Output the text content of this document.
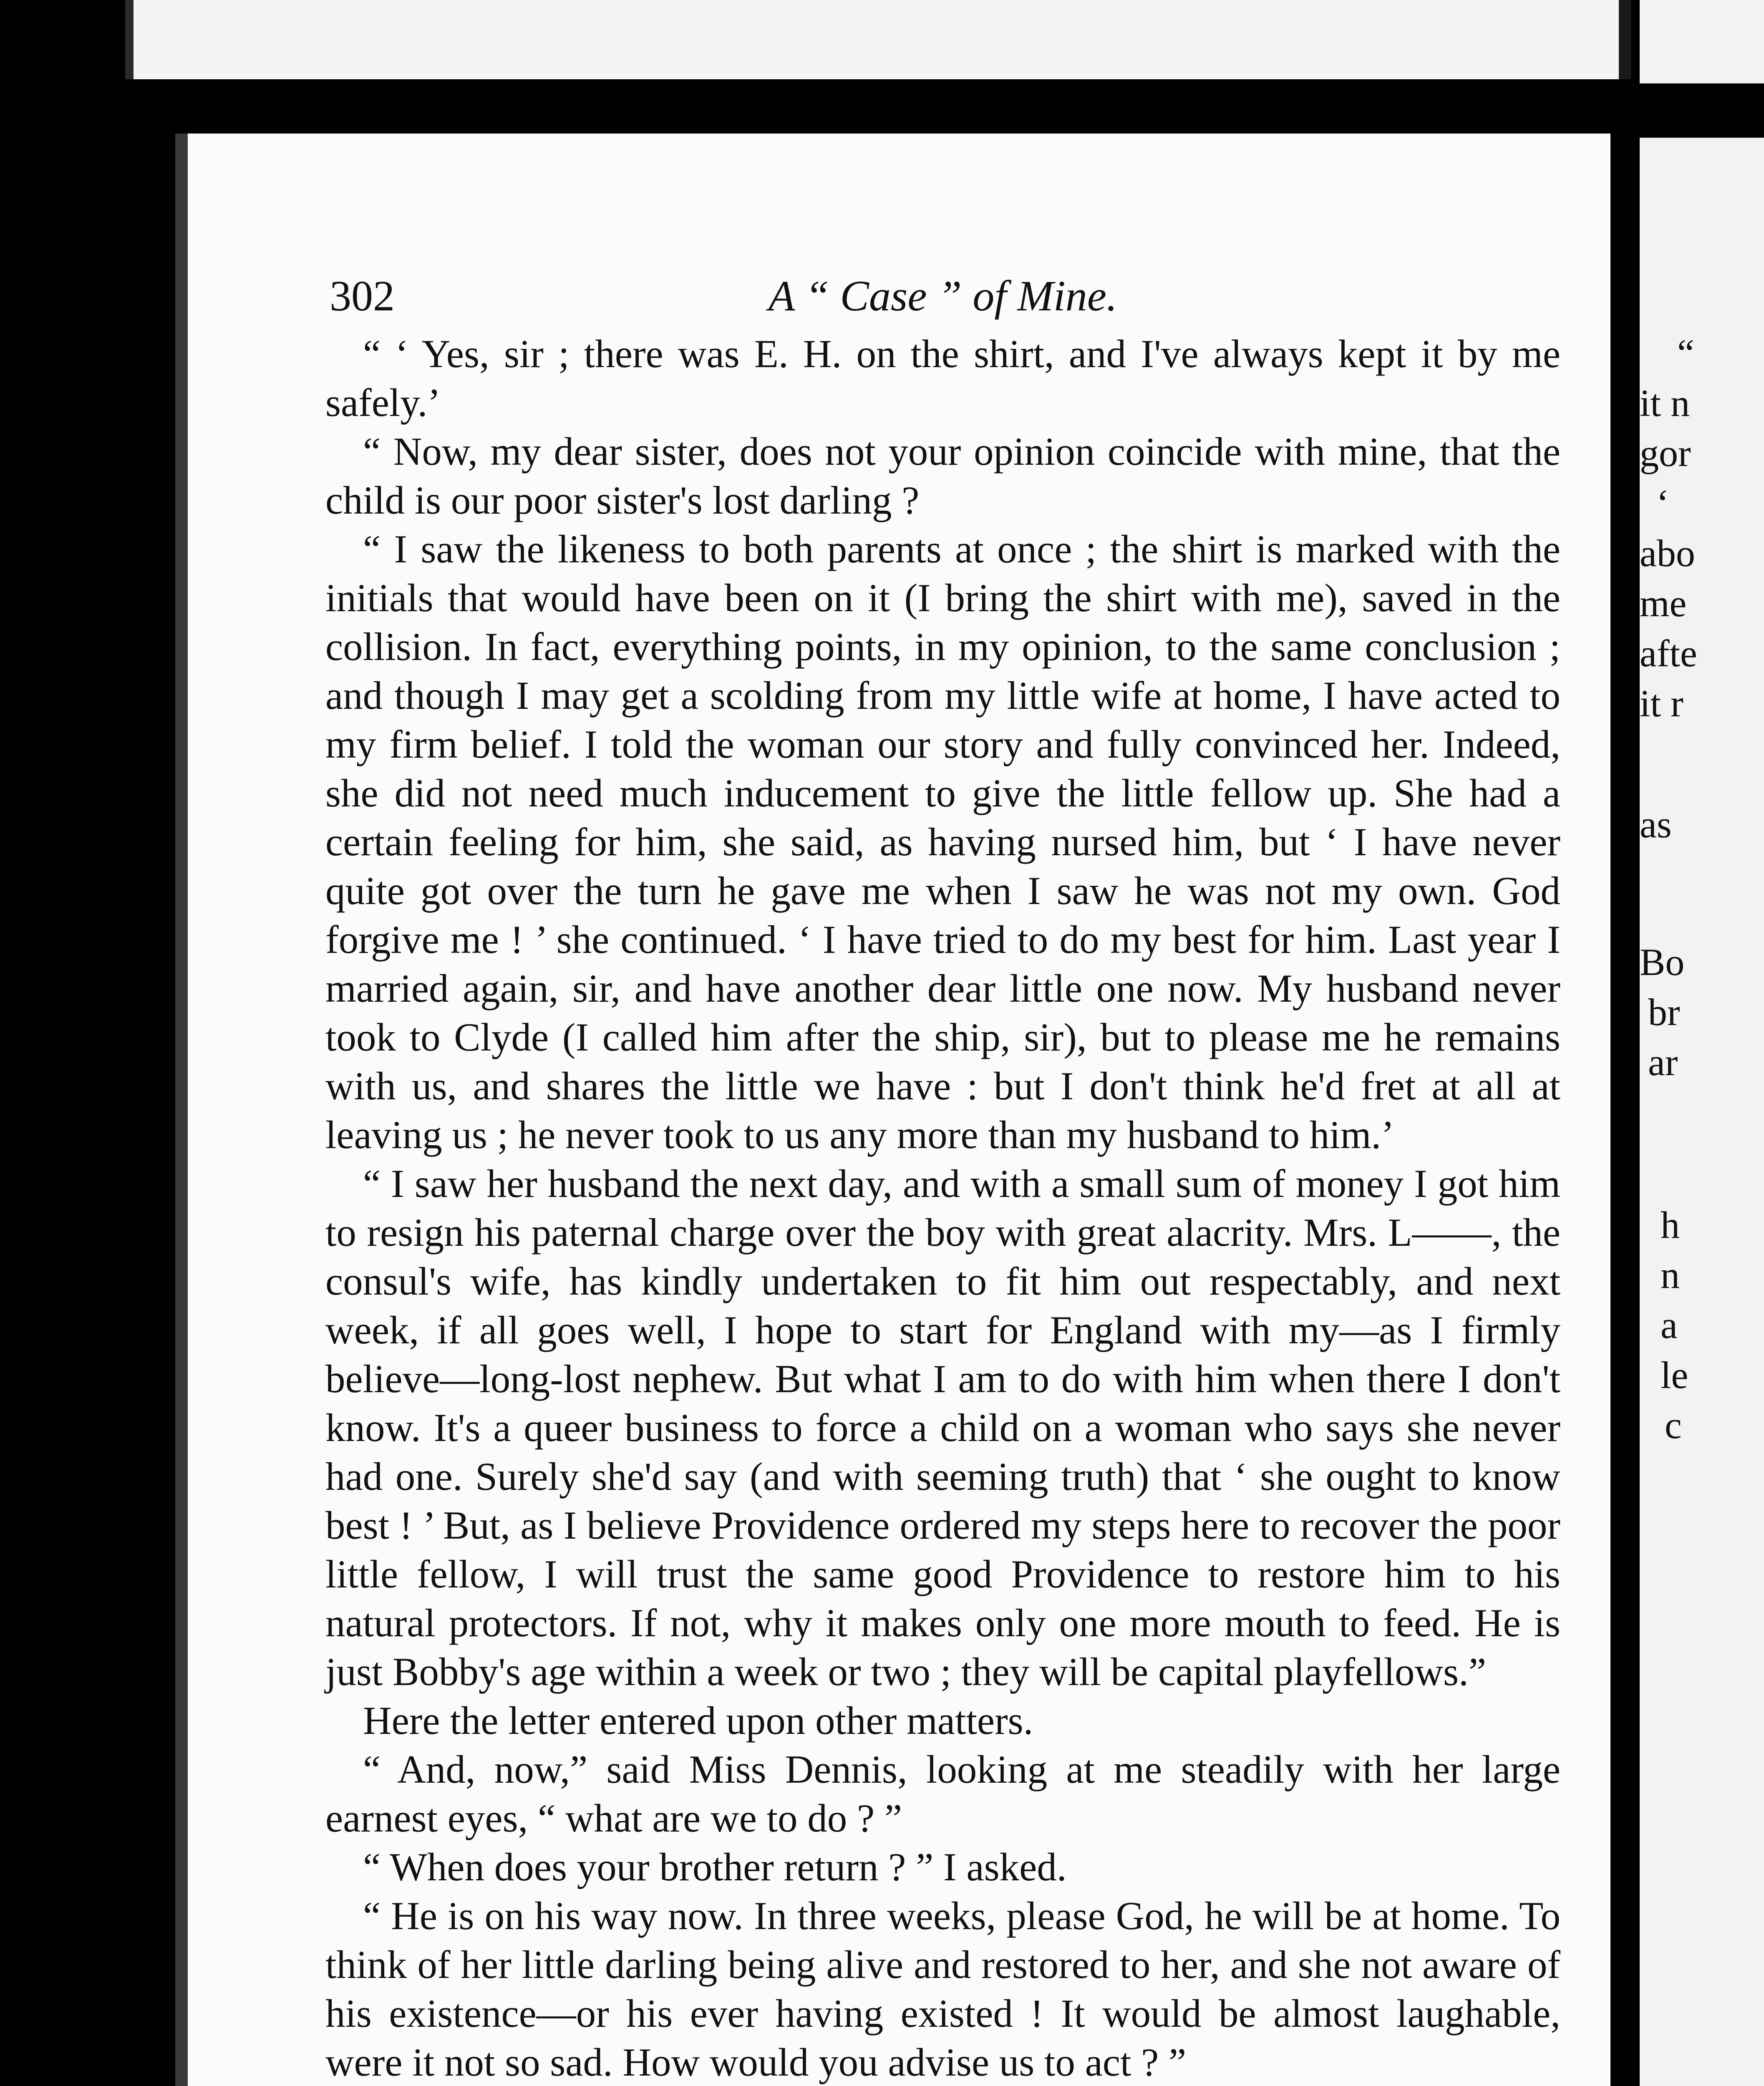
“
it n
gor
‘
abo
me
afte
it r
as
Bo
br
ar
h
n
a
le
c
302	A “ Case ” of Mine.

“ ‘ Yes, sir ; there was E. H. on the shirt, and I've always kept it by me safely.’

“ Now, my dear sister, does not your opinion coincide with mine, that the child is our poor sister's lost darling ?

“ I saw the likeness to both parents at once ; the shirt is marked with the initials that would have been on it (I bring the shirt with me), saved in the collision. In fact, everything points, in my opinion, to the same conclusion ; and though I may get a scolding from my little wife at home, I have acted to my firm belief. I told the woman our story and fully convinced her. Indeed, she did not need much inducement to give the little fellow up. She had a certain feeling for him, she said, as having nursed him, but ‘ I have never quite got over the turn he gave me when I saw he was not my own. God forgive me ! ’ she continued. ‘ I have tried to do my best for him. Last year I married again, sir, and have another dear little one now. My husband never took to Clyde (I called him after the ship, sir), but to please me he remains with us, and shares the little we have : but I don't think he'd fret at all at leaving us ; he never took to us any more than my husband to him.’

“ I saw her husband the next day, and with a small sum of money I got him to resign his paternal charge over the boy with great alacrity. Mrs. L——, the consul's wife, has kindly undertaken to fit him out respectably, and next week, if all goes well, I hope to start for England with my—as I firmly believe—long-lost nephew. But what I am to do with him when there I don't know. It's a queer business to force a child on a woman who says she never had one. Surely she'd say (and with seeming truth) that ‘ she ought to know best ! ’ But, as I believe Providence ordered my steps here to recover the poor little fellow, I will trust the same good Providence to restore him to his natural protectors. If not, why it makes only one more mouth to feed. He is just Bobby's age within a week or two ; they will be capital playfellows.”

Here the letter entered upon other matters.

“ And, now,” said Miss Dennis, looking at me steadily with her large earnest eyes, “ what are we to do ? ”

“ When does your brother return ? ” I asked.

“ He is on his way now. In three weeks, please God, he will be at home. To think of her little darling being alive and restored to her, and she not aware of his existence—or his ever having existed ! It would be almost laughable, were it not so sad. How would you advise us to act ? ”
